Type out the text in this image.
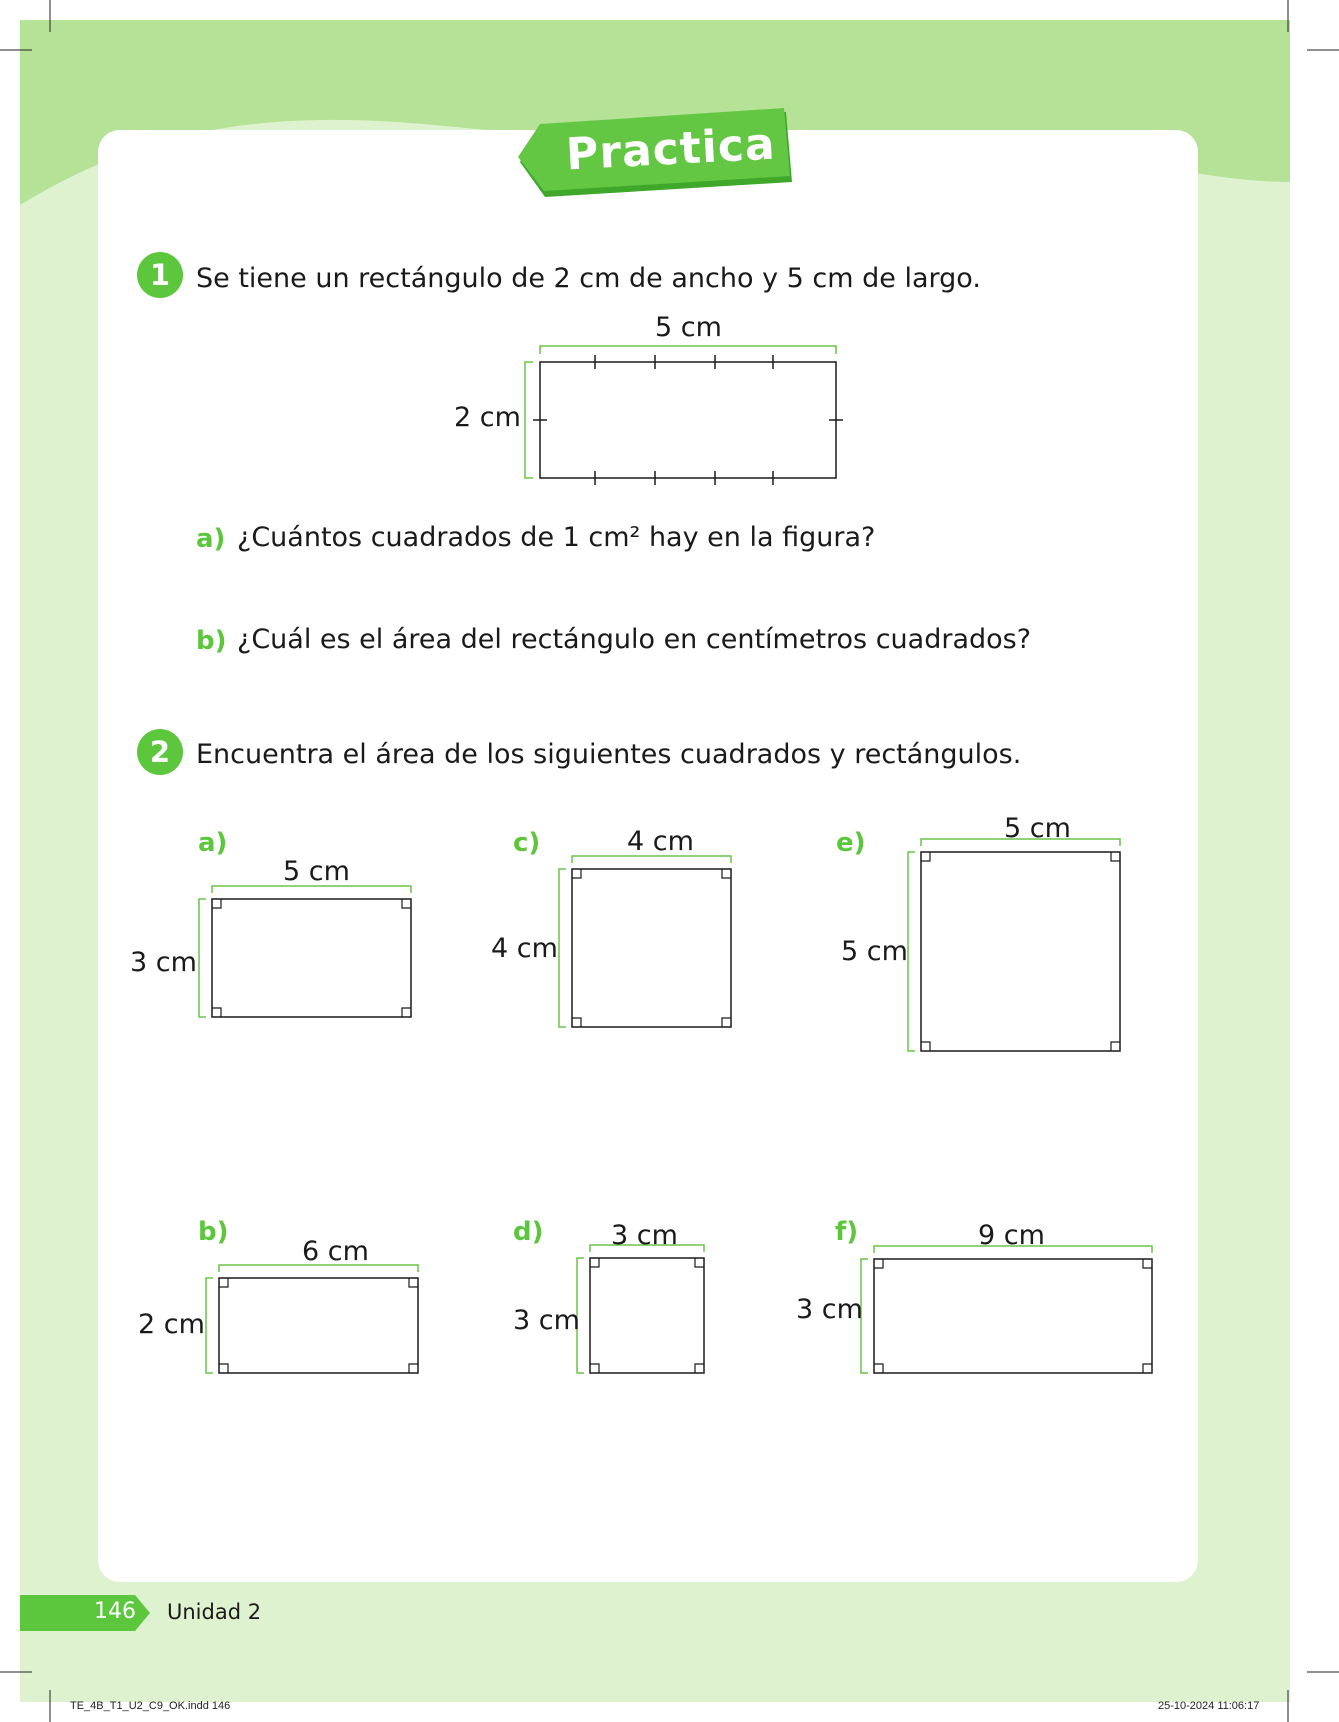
Practica
1 Se tiene un rectángulo de 2 cm de ancho y 5 cm de largo.
5 cm
2 cm
a) ¿Cuántos cuadrados de 1 cm² hay en la figura?
b) ¿Cuál es el área del rectángulo en centímetros cuadrados?
2 Encuentra el área de los siguientes cuadrados y rectángulos.
a)
5 cm
3 cm
c)	4 cm
4 cm
e)	5 cm
5 cm
b)
6 cm
2 cm
d)	3 cm
3 cm
f)	9 cm
3 cm
146 Unidad 2
TE_4B_T1_U2_C9_OK.indd 146	25-10-2024 11:06:17
